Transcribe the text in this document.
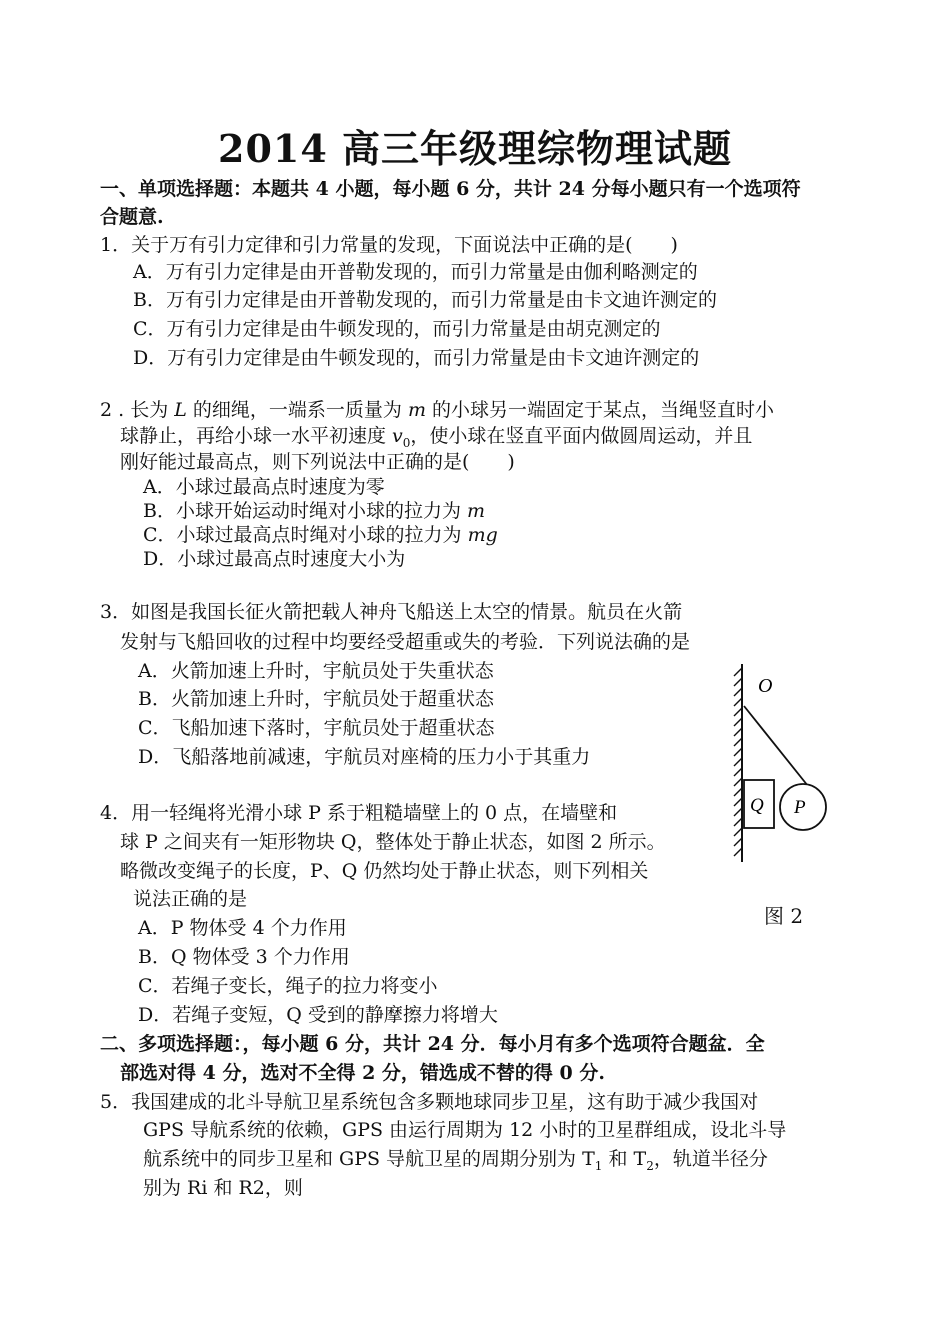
2014 高三年级理综物理试题
一、单项选择题：本题共 4 小题，每小题 6 分，共计 24 分每小题只有一个选项符
合题意.
1．关于万有引力定律和引力常量的发现，下面说法中正确的是(　　)
A．万有引力定律是由开普勒发现的，而引力常量是由伽利略测定的
B．万有引力定律是由开普勒发现的，而引力常量是由卡文迪许测定的
C．万有引力定律是由牛顿发现的，而引力常量是由胡克测定的
D．万有引力定律是由牛顿发现的，而引力常量是由卡文迪许测定的
2 . 长为 L 的细绳，一端系一质量为 m 的小球另一端固定于某点，当绳竖直时小
球静止，再给小球一水平初速度 $v_0$，使小球在竖直平面内做圆周运动，并且
刚好能过最高点，则下列说法中正确的是(　　)
A．小球过最高点时速度为零
B．小球开始运动时绳对小球的拉力为 m
C．小球过最高点时绳对小球的拉力为 mg
D．小球过最高点时速度大小为
3．如图是我国长征火箭把载人神舟飞船送上太空的情景。航员在火箭
发射与飞船回收的过程中均要经受超重或失的考验．下列说法确的是
A．火箭加速上升时，宇航员处于失重状态
B．火箭加速上升时，宇航员处于超重状态
C．飞船加速下落时，宇航员处于超重状态
D．飞船落地前减速，宇航员对座椅的压力小于其重力
4．用一轻绳将光滑小球 P 系于粗糙墙壁上的 0 点，在墙壁和
球 P 之间夹有一矩形物块 Q，整体处于静止状态，如图 2 所示。
略微改变绳子的长度，P、Q 仍然均处于静止状态，则下列相关
说法正确的是
A．P 物体受 4 个力作用
B．Q 物体受 3 个力作用
C．若绳子变长，绳子的拉力将变小
D．若绳子变短，Q 受到的静摩擦力将增大
O
Q P
图 2
二、多项选择题：，每小题 6 分，共计 24 分．每小月有多个选项符合题盆．全
部选对得 4 分，选对不全得 2 分，错选成不替的得 0 分.
5．我国建成的北斗导航卫星系统包含多颗地球同步卫星，这有助于减少我国对
GPS 导航系统的依赖，GPS 由运行周期为 12 小时的卫星群组成，设北斗导
航系统中的同步卫星和 GPS 导航卫星的周期分别为 $T_1$ 和 $T_2$，轨道半径分
别为 Ri 和 R2，则
